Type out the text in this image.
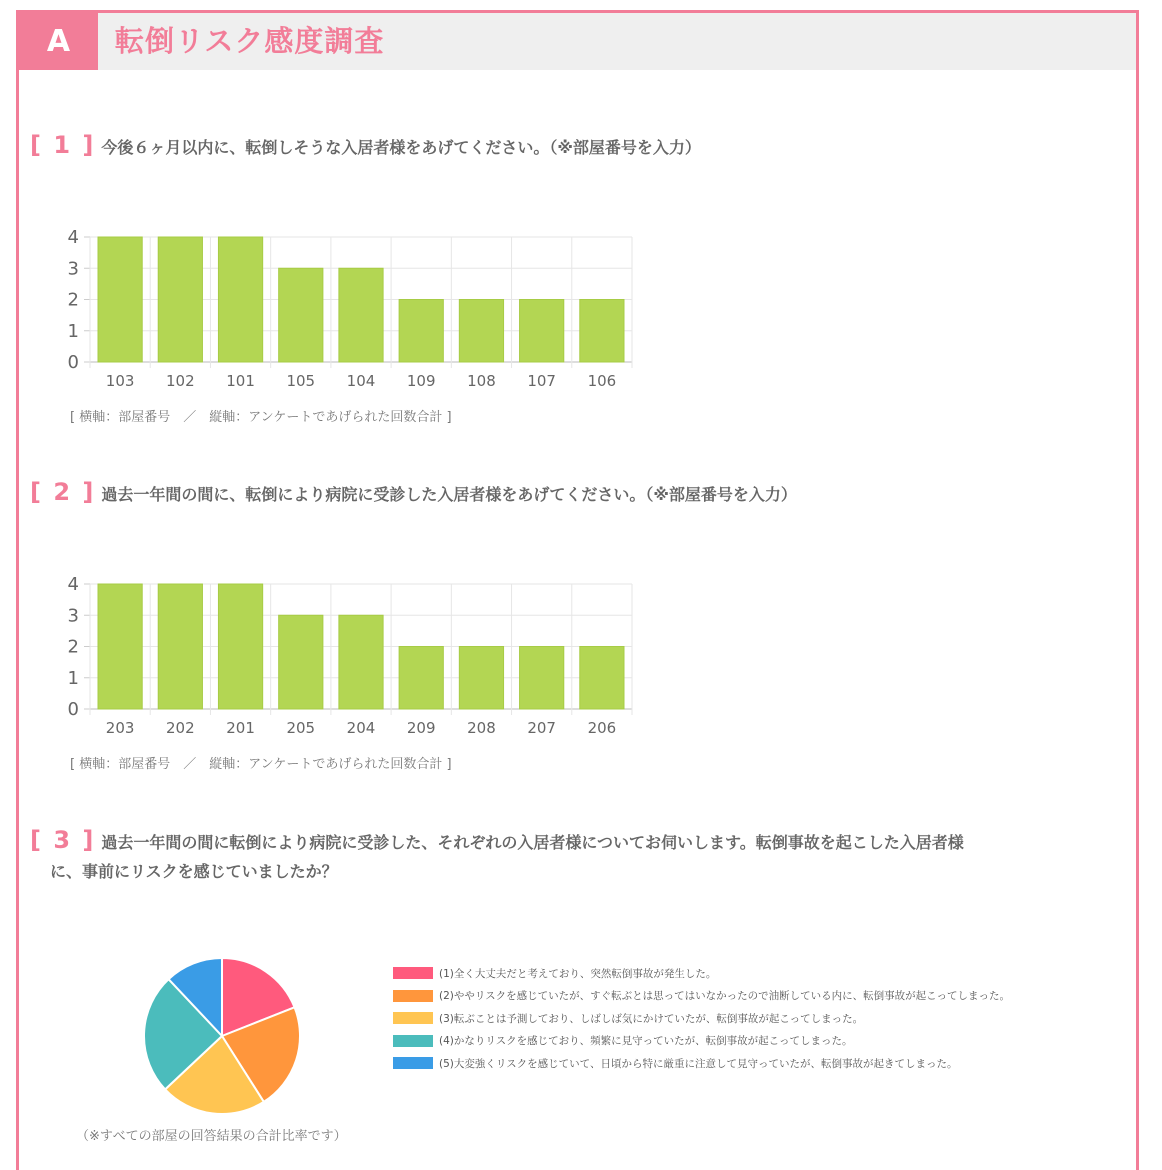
A	転倒リスク感度調査
[ 1 ] 今後６ヶ月以内に、転倒しそうな入居者様をあげてください。（※部屋番号を入力）
0
1
2
3
4
103 102 101 105 104 109 108 107 106
[ 横軸：部屋番号　／　縦軸：アンケートであげられた回数合計 ]
[ 2 ] 過去一年間の間に、転倒により病院に受診した入居者様をあげてください。（※部屋番号を入力）
0
1
2
3
4
203 202 201 205 204 209 208 207 206
[ 横軸：部屋番号　／　縦軸：アンケートであげられた回数合計 ]
[ 3 ] 過去一年間の間に転倒により病院に受診した、それぞれの入居者様についてお伺いします。転倒事故を起こした入居者様
に、事前にリスクを感じていましたか？
(1)全く大丈夫だと考えており、突然転倒事故が発生した。
(2)ややリスクを感じていたが、すぐ転ぶとは思ってはいなかったので油断している内に、転倒事故が起こってしまった。
(3)転ぶことは予測しており、しばしば気にかけていたが、転倒事故が起こってしまった。
(4)かなりリスクを感じており、頻繁に見守っていたが、転倒事故が起こってしまった。
(5)大変強くリスクを感じていて、日頃から特に厳重に注意して見守っていたが、転倒事故が起きてしまった。
（※すべての部屋の回答結果の合計比率です）
